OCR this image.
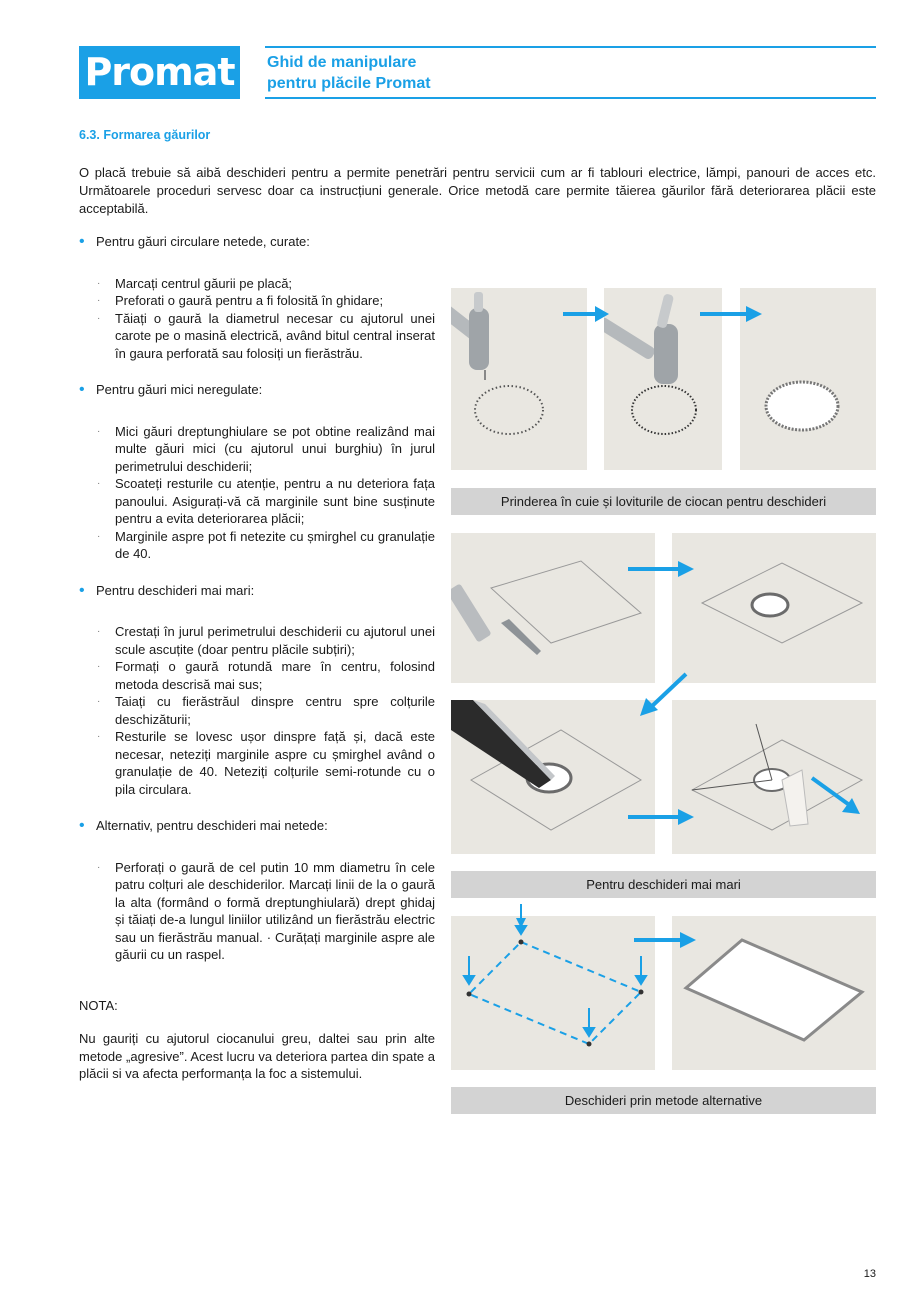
Promat	Ghid de manipulare
pentru plăcile Promat
6.3. Formarea găurilor

O placă trebuie să aibă deschideri pentru a permite penetrări pentru servicii cum ar fi tablouri electrice, lămpi, panouri de acces etc. Următoarele proceduri servesc doar ca instrucțiuni generale. Orice metodă care permite tăierea găurilor fără deteriorarea plăcii este acceptabilă.

• Pentru găuri circulare netede, curate:
· Marcați centrul găurii pe placă;
· Preforati o gaură pentru a fi folosită în ghidare;
· Tăiați o gaură la diametrul necesar cu ajutorul unei carote pe o masină electrică, având bitul central inserat în gaura perforată sau folosiți un fierăstrău.
• Pentru găuri mici neregulate:
· Mici găuri dreptunghiulare se pot obtine realizând mai multe găuri mici (cu ajutorul unui burghiu) în jurul perimetrului deschiderii;
· Scoateți resturile cu atenție, pentru a nu deteriora fața panoului. Asigurați-vă că marginile sunt bine susținute pentru a evita deteriorarea plăcii;
· Marginile aspre pot fi netezite cu șmirghel cu granulație de 40.
• Pentru deschideri mai mari:
· Crestați în jurul perimetrului deschiderii cu ajutorul unei scule ascuțite (doar pentru plăcile subțiri);
· Formați o gaură rotundă mare în centru, folosind metoda descrisă mai sus;
· Taiați cu fierăstrăul dinspre centru spre colțurile deschizăturii;
· Resturile se lovesc ușor dinspre față și, dacă este necesar, neteziți marginile aspre cu șmirghel având o granulație de 40. Neteziți colțurile semi-rotunde cu o pila circulara.
• Alternativ, pentru deschideri mai netede:
· Perforați o gaură de cel putin 10 mm diametru în cele patru colțuri ale deschiderilor. Marcați linii de la o gaură la alta (formând o formă dreptunghiulară) drept ghidaj și tăiați de-a lungul liniilor utilizând un fierăstrău electric sau un fierăstrău manual. · Curățați marginile aspre ale găurii cu un raspel.

NOTA:

Nu gauriți cu ajutorul ciocanului greu, daltei sau prin alte metode „agresive”. Acest lucru va deteriora partea din spate a plăcii si va afecta performanța la foc a sistemului.

Prinderea în cuie și loviturile de ciocan pentru deschideri
Pentru deschideri mai mari
Deschideri prin metode alternative
13
